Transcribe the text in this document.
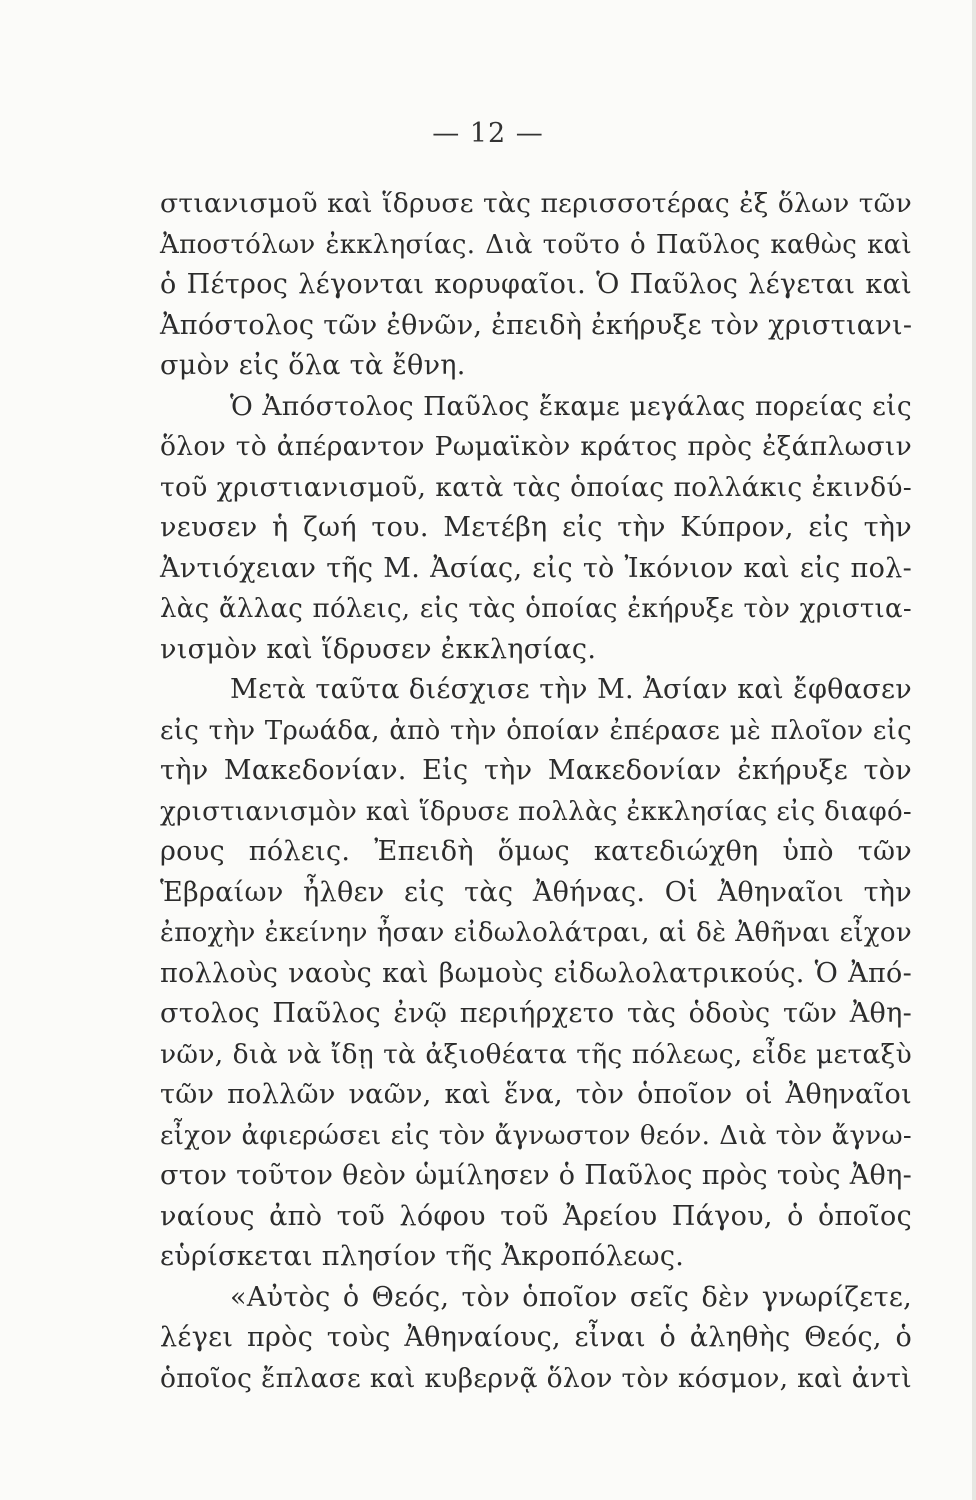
— 12 —
στιανισμοῦ καὶ ἵδρυσε τὰς περισσοτέρας ἐξ ὅλων τῶν
Ἀποστόλων ἐκκλησίας. Διὰ τοῦτο ὁ Παῦλος καθὼς καὶ
ὁ Πέτρος λέγονται κορυφαῖοι. Ὁ Παῦλος λέγεται καὶ
Ἀπόστολος τῶν ἐθνῶν, ἐπειδὴ ἐκήρυξε τὸν χριστιανι-
σμὸν εἰς ὅλα τὰ ἔθνη.
Ὁ Ἀπόστολος Παῦλος ἔκαμε μεγάλας πορείας εἰς
ὅλον τὸ ἀπέραντον Ρωμαϊκὸν κράτος πρὸς ἐξάπλωσιν
τοῦ χριστιανισμοῦ, κατὰ τὰς ὁποίας πολλάκις ἐκινδύ-
νευσεν ἡ ζωή του. Μετέβη εἰς τὴν Κύπρον, εἰς τὴν
Ἀντιόχειαν τῆς Μ. Ἀσίας, εἰς τὸ Ἰκόνιον καὶ εἰς πολ-
λὰς ἄλλας πόλεις, εἰς τὰς ὁποίας ἐκήρυξε τὸν χριστια-
νισμὸν καὶ ἵδρυσεν ἐκκλησίας.
Μετὰ ταῦτα διέσχισε τὴν Μ. Ἀσίαν καὶ ἔφθασεν
εἰς τὴν Τρωάδα, ἀπὸ τὴν ὁποίαν ἐπέρασε μὲ πλοῖον εἰς
τὴν Μακεδονίαν. Εἰς τὴν Μακεδονίαν ἐκήρυξε τὸν
χριστιανισμὸν καὶ ἵδρυσε πολλὰς ἐκκλησίας εἰς διαφό-
ρους πόλεις. Ἐπειδὴ ὅμως κατεδιώχθη ὑπὸ τῶν
Ἑβραίων ἦλθεν εἰς τὰς Ἀθήνας. Οἱ Ἀθηναῖοι τὴν
ἐποχὴν ἐκείνην ἦσαν εἰδωλολάτραι, αἱ δὲ Ἀθῆναι εἶχον
πολλοὺς ναοὺς καὶ βωμοὺς εἰδωλολατρικούς. Ὁ Ἀπό-
στολος Παῦλος ἐνῷ περιήρχετο τὰς ὁδοὺς τῶν Ἀθη-
νῶν, διὰ νὰ ἴδῃ τὰ ἀξιοθέατα τῆς πόλεως, εἶδε μεταξὺ
τῶν πολλῶν ναῶν, καὶ ἕνα, τὸν ὁποῖον οἱ Ἀθηναῖοι
εἶχον ἀφιερώσει εἰς τὸν ἄγνωστον θεόν. Διὰ τὸν ἄγνω-
στον τοῦτον θεὸν ὡμίλησεν ὁ Παῦλος πρὸς τοὺς Ἀθη-
ναίους ἀπὸ τοῦ λόφου τοῦ Ἀρείου Πάγου, ὁ ὁποῖος
εὑρίσκεται πλησίον τῆς Ἀκροπόλεως.
«Αὐτὸς ὁ Θεός, τὸν ὁποῖον σεῖς δὲν γνωρίζετε,
λέγει πρὸς τοὺς Ἀθηναίους, εἶναι ὁ ἀληθὴς Θεός, ὁ
ὁποῖος ἔπλασε καὶ κυβερνᾷ ὅλον τὸν κόσμον, καὶ ἀντὶ
